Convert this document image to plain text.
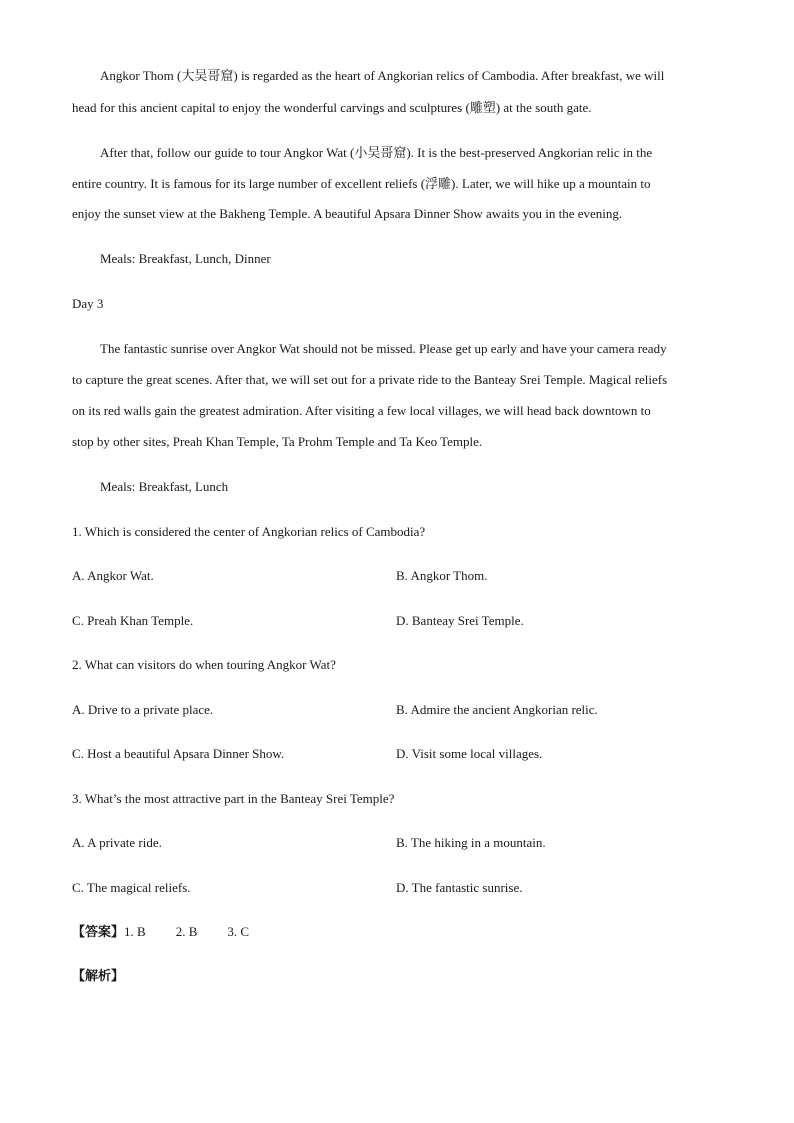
Angkor Thom (大吴哥窟) is regarded as the heart of Angkorian relics of Cambodia. After breakfast, we will
head for this ancient capital to enjoy the wonderful carvings and sculptures (雕塑) at the south gate.
After that, follow our guide to tour Angkor Wat (小吴哥窟). It is the best-preserved Angkorian relic in the
entire country. It is famous for its large number of excellent reliefs (浮雕). Later, we will hike up a mountain to
enjoy the sunset view at the Bakheng Temple. A beautiful Apsara Dinner Show awaits you in the evening.
Meals: Breakfast, Lunch, Dinner
Day 3
The fantastic sunrise over Angkor Wat should not be missed. Please get up early and have your camera ready
to capture the great scenes. After that, we will set out for a private ride to the Banteay Srei Temple. Magical reliefs
on its red walls gain the greatest admiration. After visiting a few local villages, we will head back downtown to
stop by other sites, Preah Khan Temple, Ta Prohm Temple and Ta Keo Temple.
Meals: Breakfast, Lunch
1. Which is considered the center of Angkorian relics of Cambodia?
A. Angkor Wat.	B. Angkor Thom.
C. Preah Khan Temple.	D. Banteay Srei Temple.
2. What can visitors do when touring Angkor Wat?
A. Drive to a private place.	B. Admire the ancient Angkorian relic.
C. Host a beautiful Apsara Dinner Show.	D. Visit some local villages.
3. What’s the most attractive part in the Banteay Srei Temple?
A. A private ride.	B. The hiking in a mountain.
C. The magical reliefs.	D. The fantastic sunrise.
【答案】1. B 2. B 3. C
【解析】
